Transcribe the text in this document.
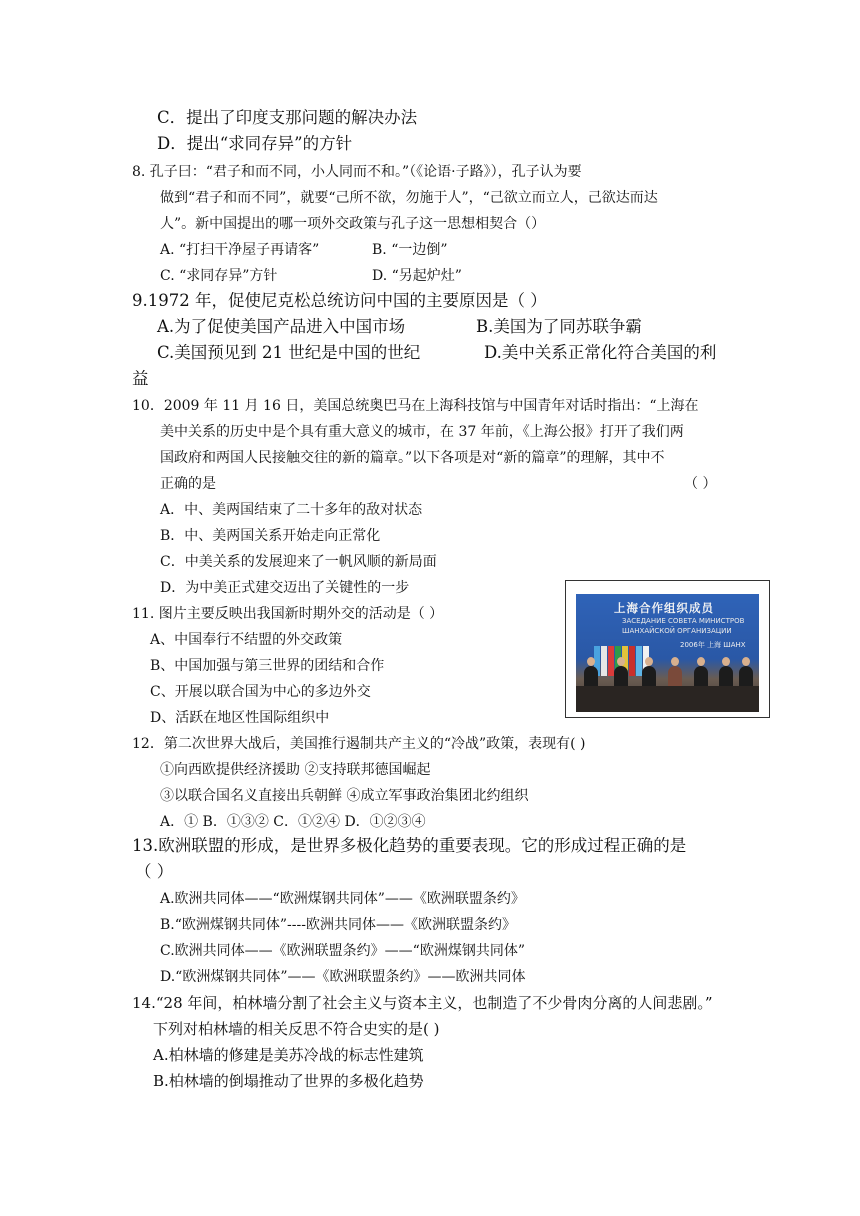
C．提出了印度支那问题的解决办法
D．提出“求同存异”的方针
8. 孔子曰：“君子和而不同，小人同而不和。”（《论语·子路》），孔子认为要
做到“君子和而不同”，就要“己所不欲，勿施于人”，“己欲立而立人，己欲达而达
人”。新中国提出的哪一项外交政策与孔子这一思想相契合（）
A. “打扫干净屋子再请客”	B. “一边倒”
C. “求同存异”方针	D. “另起炉灶”
9.1972 年，促使尼克松总统访问中国的主要原因是（ ）
A.为了促使美国产品进入中国市场	B.美国为了同苏联争霸
C.美国预见到 21 世纪是中国的世纪	D.美中关系正常化符合美国的利
益
10．2009 年 11 月 16 日，美国总统奥巴马在上海科技馆与中国青年对话时指出：“上海在
美中关系的历史中是个具有重大意义的城市，在 37 年前，《上海公报》打开了我们两
国政府和两国人民接触交往的新的篇章。”以下各项是对“新的篇章”的理解，其中不
正确的是	（ ）
A．中、美两国结束了二十多年的敌对状态
B．中、美两国关系开始走向正常化
C．中美关系的发展迎来了一帆风顺的新局面
D．为中美正式建交迈出了关键性的一步
上海合作组织成员
ЗАСЕДАНИЕ СОВЕТА МИНИСТРОВ
ШАНХАЙСКОЙ ОРГАНИЗАЦИИ
2006年 上海 ШАНХ
11. 图片主要反映出我国新时期外交的活动是（ ）
A、中国奉行不结盟的外交政策
B、中国加强与第三世界的团结和合作
C、开展以联合国为中心的多边外交
D、活跃在地区性国际组织中
12．第二次世界大战后，美国推行遏制共产主义的“冷战”政策，表现有( )
①向西欧提供经济援助 ②支持联邦德国崛起
③以联合国名义直接出兵朝鲜 ④成立军事政治集团北约组织
A．① B．①③② C．①②④ D．①②③④
13.欧洲联盟的形成，是世界多极化趋势的重要表现。它的形成过程正确的是
（ ）
A.欧洲共同体——“欧洲煤钢共同体”——《欧洲联盟条约》
B.“欧洲煤钢共同体”----欧洲共同体——《欧洲联盟条约》
C.欧洲共同体——《欧洲联盟条约》——“欧洲煤钢共同体”
D.“欧洲煤钢共同体”——《欧洲联盟条约》——欧洲共同体
14.“28 年间，柏林墙分割了社会主义与资本主义，也制造了不少骨肉分离的人间悲剧。”
下列对柏林墙的相关反思不符合史实的是( )
A.柏林墙的修建是美苏冷战的标志性建筑
B.柏林墙的倒塌推动了世界的多极化趋势
